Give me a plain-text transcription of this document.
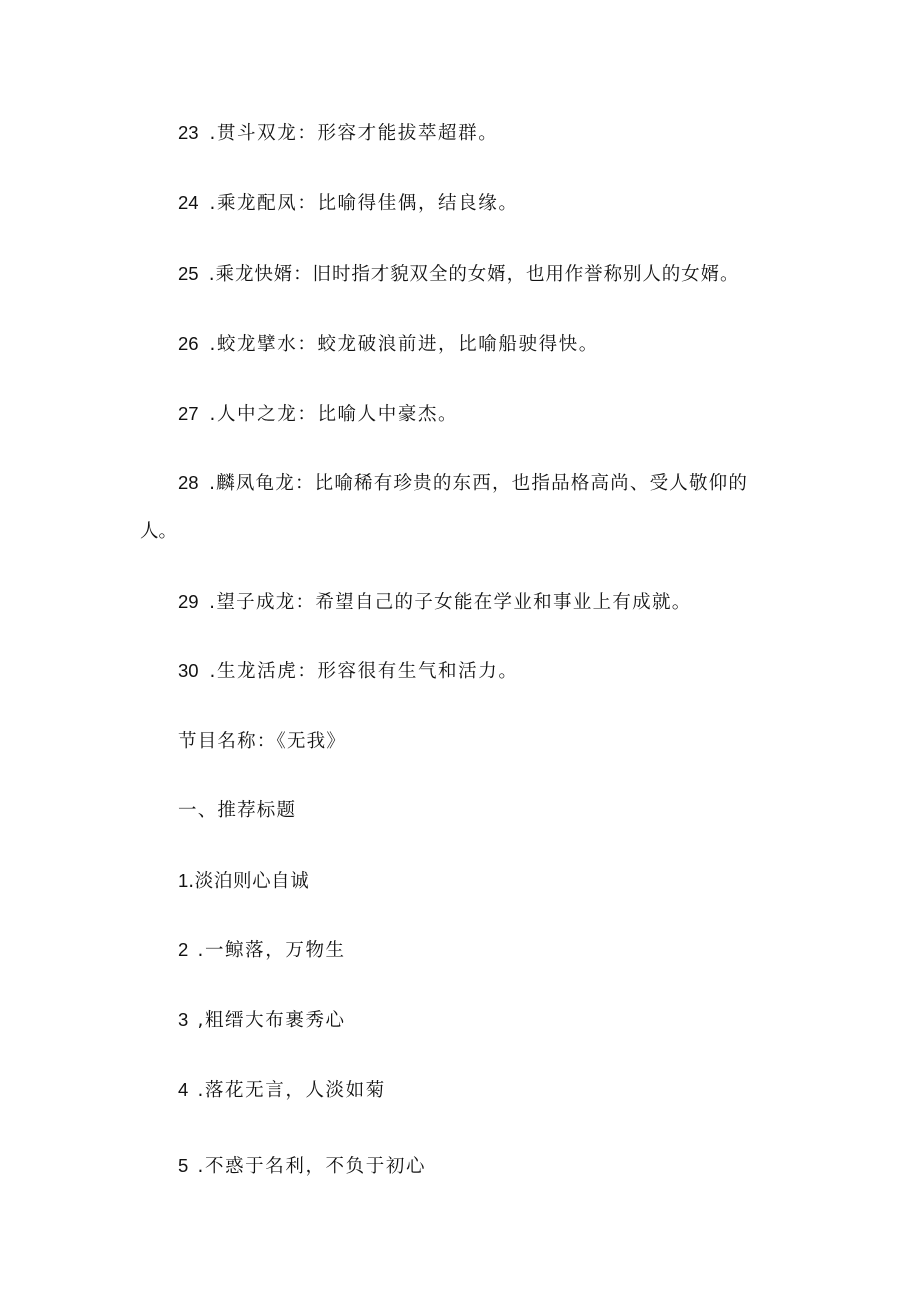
23 .贯斗双龙：形容才能拔萃超群。
24 .乘龙配凤：比喻得佳偶，结良缘。
25 .乘龙快婿：旧时指才貌双全的女婿，也用作誉称别人的女婿。
26 .蛟龙擘水：蛟龙破浪前进，比喻船驶得快。
27 .人中之龙：比喻人中豪杰。
28 .麟凤龟龙：比喻稀有珍贵的东西，也指品格高尚、受人敬仰的
人。
29 .望子成龙：希望自己的子女能在学业和事业上有成就。
30 .生龙活虎：形容很有生气和活力。
节目名称：《无我》
一、推荐标题
1.淡泊则心自诚
2 .一鲸落，万物生
3 ,粗缙大布裹秀心
4 .落花无言，人淡如菊
5 .不惑于名利，不负于初心
